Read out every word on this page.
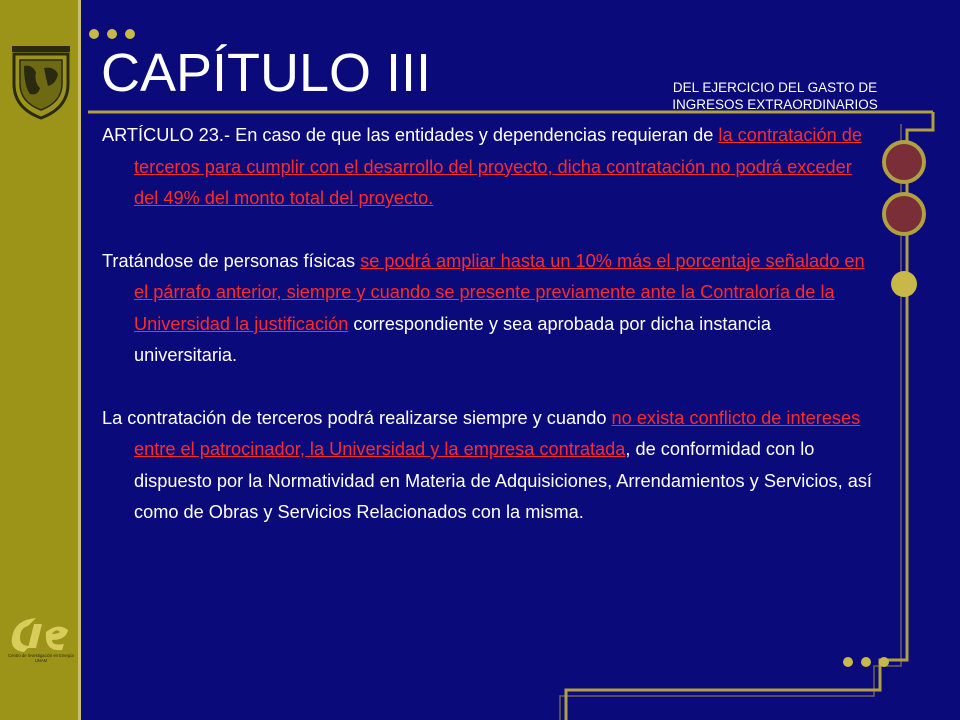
Centro de Investigación en Energía
UNAM
CAPÍTULO III	DEL EJERCICIO DEL GASTO DE
INGRESOS EXTRAORDINARIOS

ARTÍCULO 23.- En caso de que las entidades y dependencias requieran de la contratación de terceros para cumplir con el desarrollo del proyecto, dicha contratación no podrá exceder del 49% del monto total del proyecto.

Tratándose de personas físicas se podrá ampliar hasta un 10% más el porcentaje señalado en el párrafo anterior, siempre y cuando se presente previamente ante la Contraloría de la Universidad la justificación correspondiente y sea aprobada por dicha instancia universitaria.

La contratación de terceros podrá realizarse siempre y cuando no exista conflicto de intereses entre el patrocinador, la Universidad y la empresa contratada, de conformidad con lo dispuesto por la Normatividad en Materia de Adquisiciones, Arrendamientos y Servicios, así como de Obras y Servicios Relacionados con la misma.
